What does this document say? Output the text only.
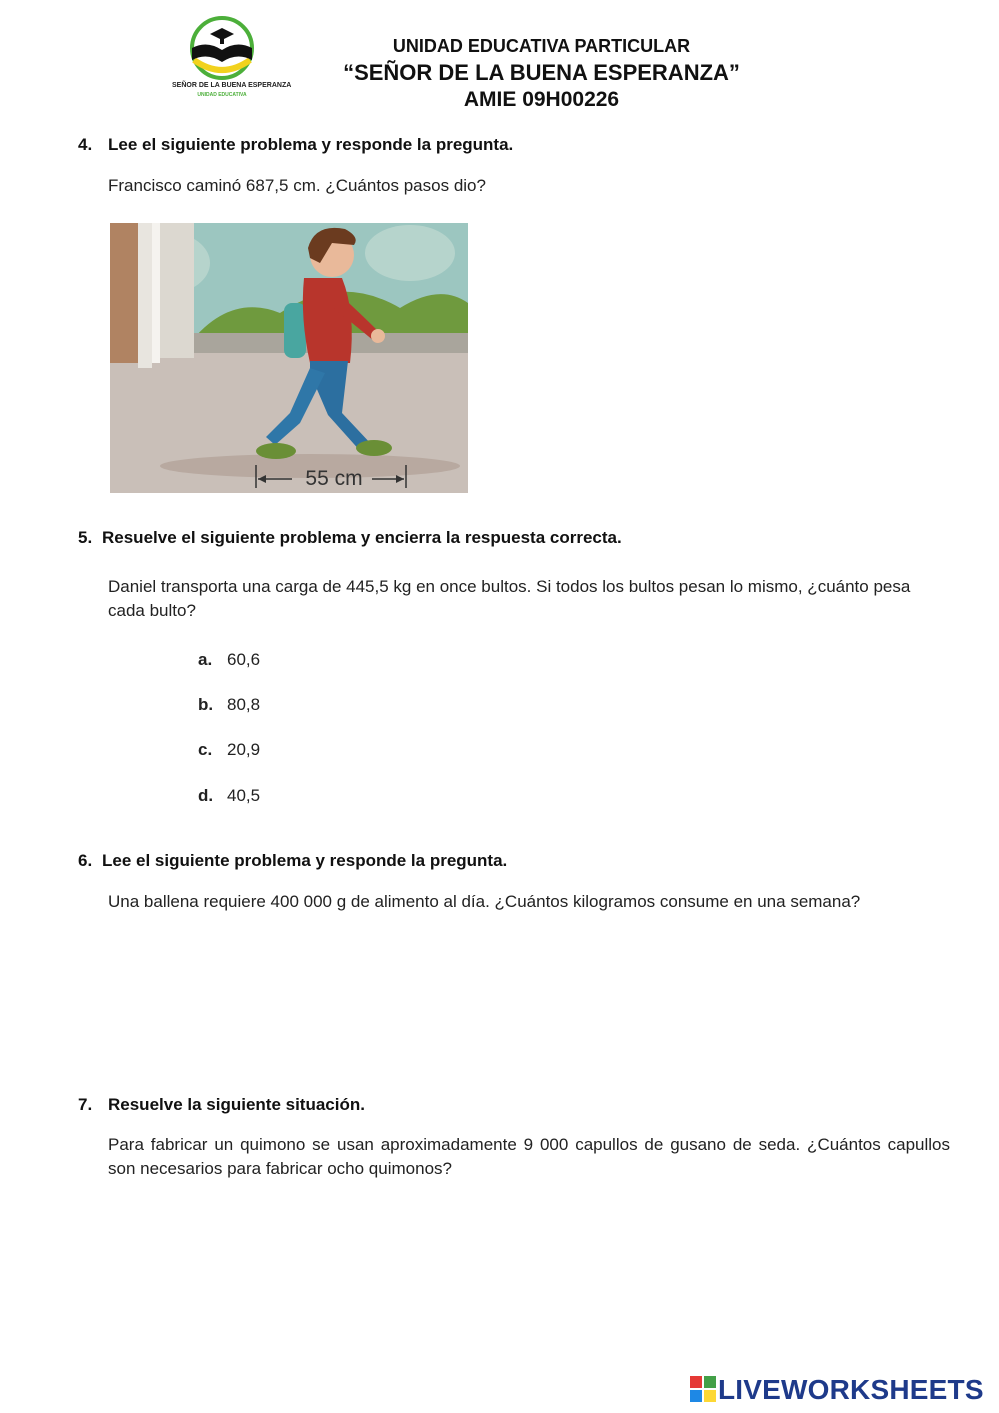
SEÑOR DE LA BUENA ESPERANZA
UNIDAD EDUCATIVA
UNIDAD EDUCATIVA PARTICULAR
“SEÑOR DE LA BUENA ESPERANZA”
AMIE 09H00226
4. Lee el siguiente problema y responde la pregunta.
Francisco caminó 687,5 cm. ¿Cuántos pasos dio?
55 cm
5. Resuelve el siguiente problema y encierra la respuesta correcta.
Daniel transporta una carga de 445,5 kg en once bultos. Si todos los bultos pesan lo mismo, ¿cuánto pesa cada bulto?
a. 60,6
b. 80,8
c. 20,9
d. 40,5
6. Lee el siguiente problema y responde la pregunta.
Una ballena requiere 400 000 g de alimento al día. ¿Cuántos kilogramos consume en una semana?
7. Resuelve la siguiente situación.
Para fabricar un quimono se usan aproximadamente 9 000 capullos de gusano de seda. ¿Cuántos capullos son necesarios para fabricar ocho quimonos?
LIVEWORKSHEETS
